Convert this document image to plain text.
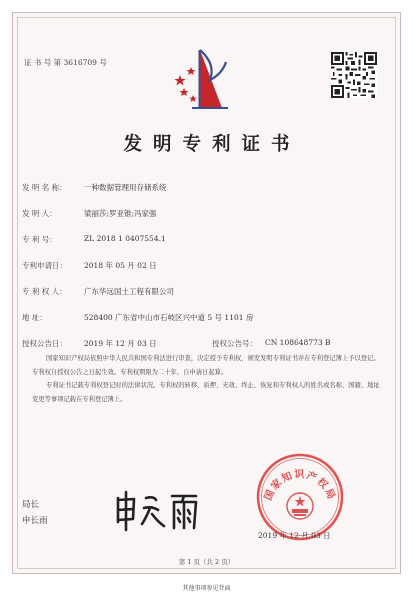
证 书 号 第 3616709 号
发明专利证书
发 明 名 称： 一种数据管理用存储系统
发 明 人：	梁丽莎;罗亚锥;冯家强
专 利 号：	ZL 2018 1 0407554.1
专利申请日： 2018 年 05 月 02 日
专 利 权 人： 广东华远国土工程有限公司
地 址：	528400 广东省中山市石岐区兴中道 5 号 1101 房
授权公告日： 2019 年 12 月 03 日	授权公告号： CN 108648773 B

国家知识产权局依照中华人民共和国专利法进行审查，决定授予专利权，颁发发明专利证书并在专利登记簿上予以登记。专利权自授权公告之日起生效。专利权期限为二十年，自申请日起算。

专利证书记载专利权登记时的法律状况。专利权的转移、质押、无效、终止、恢复和专利权人的姓名或名称、国籍、地址变更等事项记载在专利登记簿上。

国家知识产权局
局长
申长雨
2019 年 12 月 03 日
第 1 页（共 2 页）
其他事项参见背面
